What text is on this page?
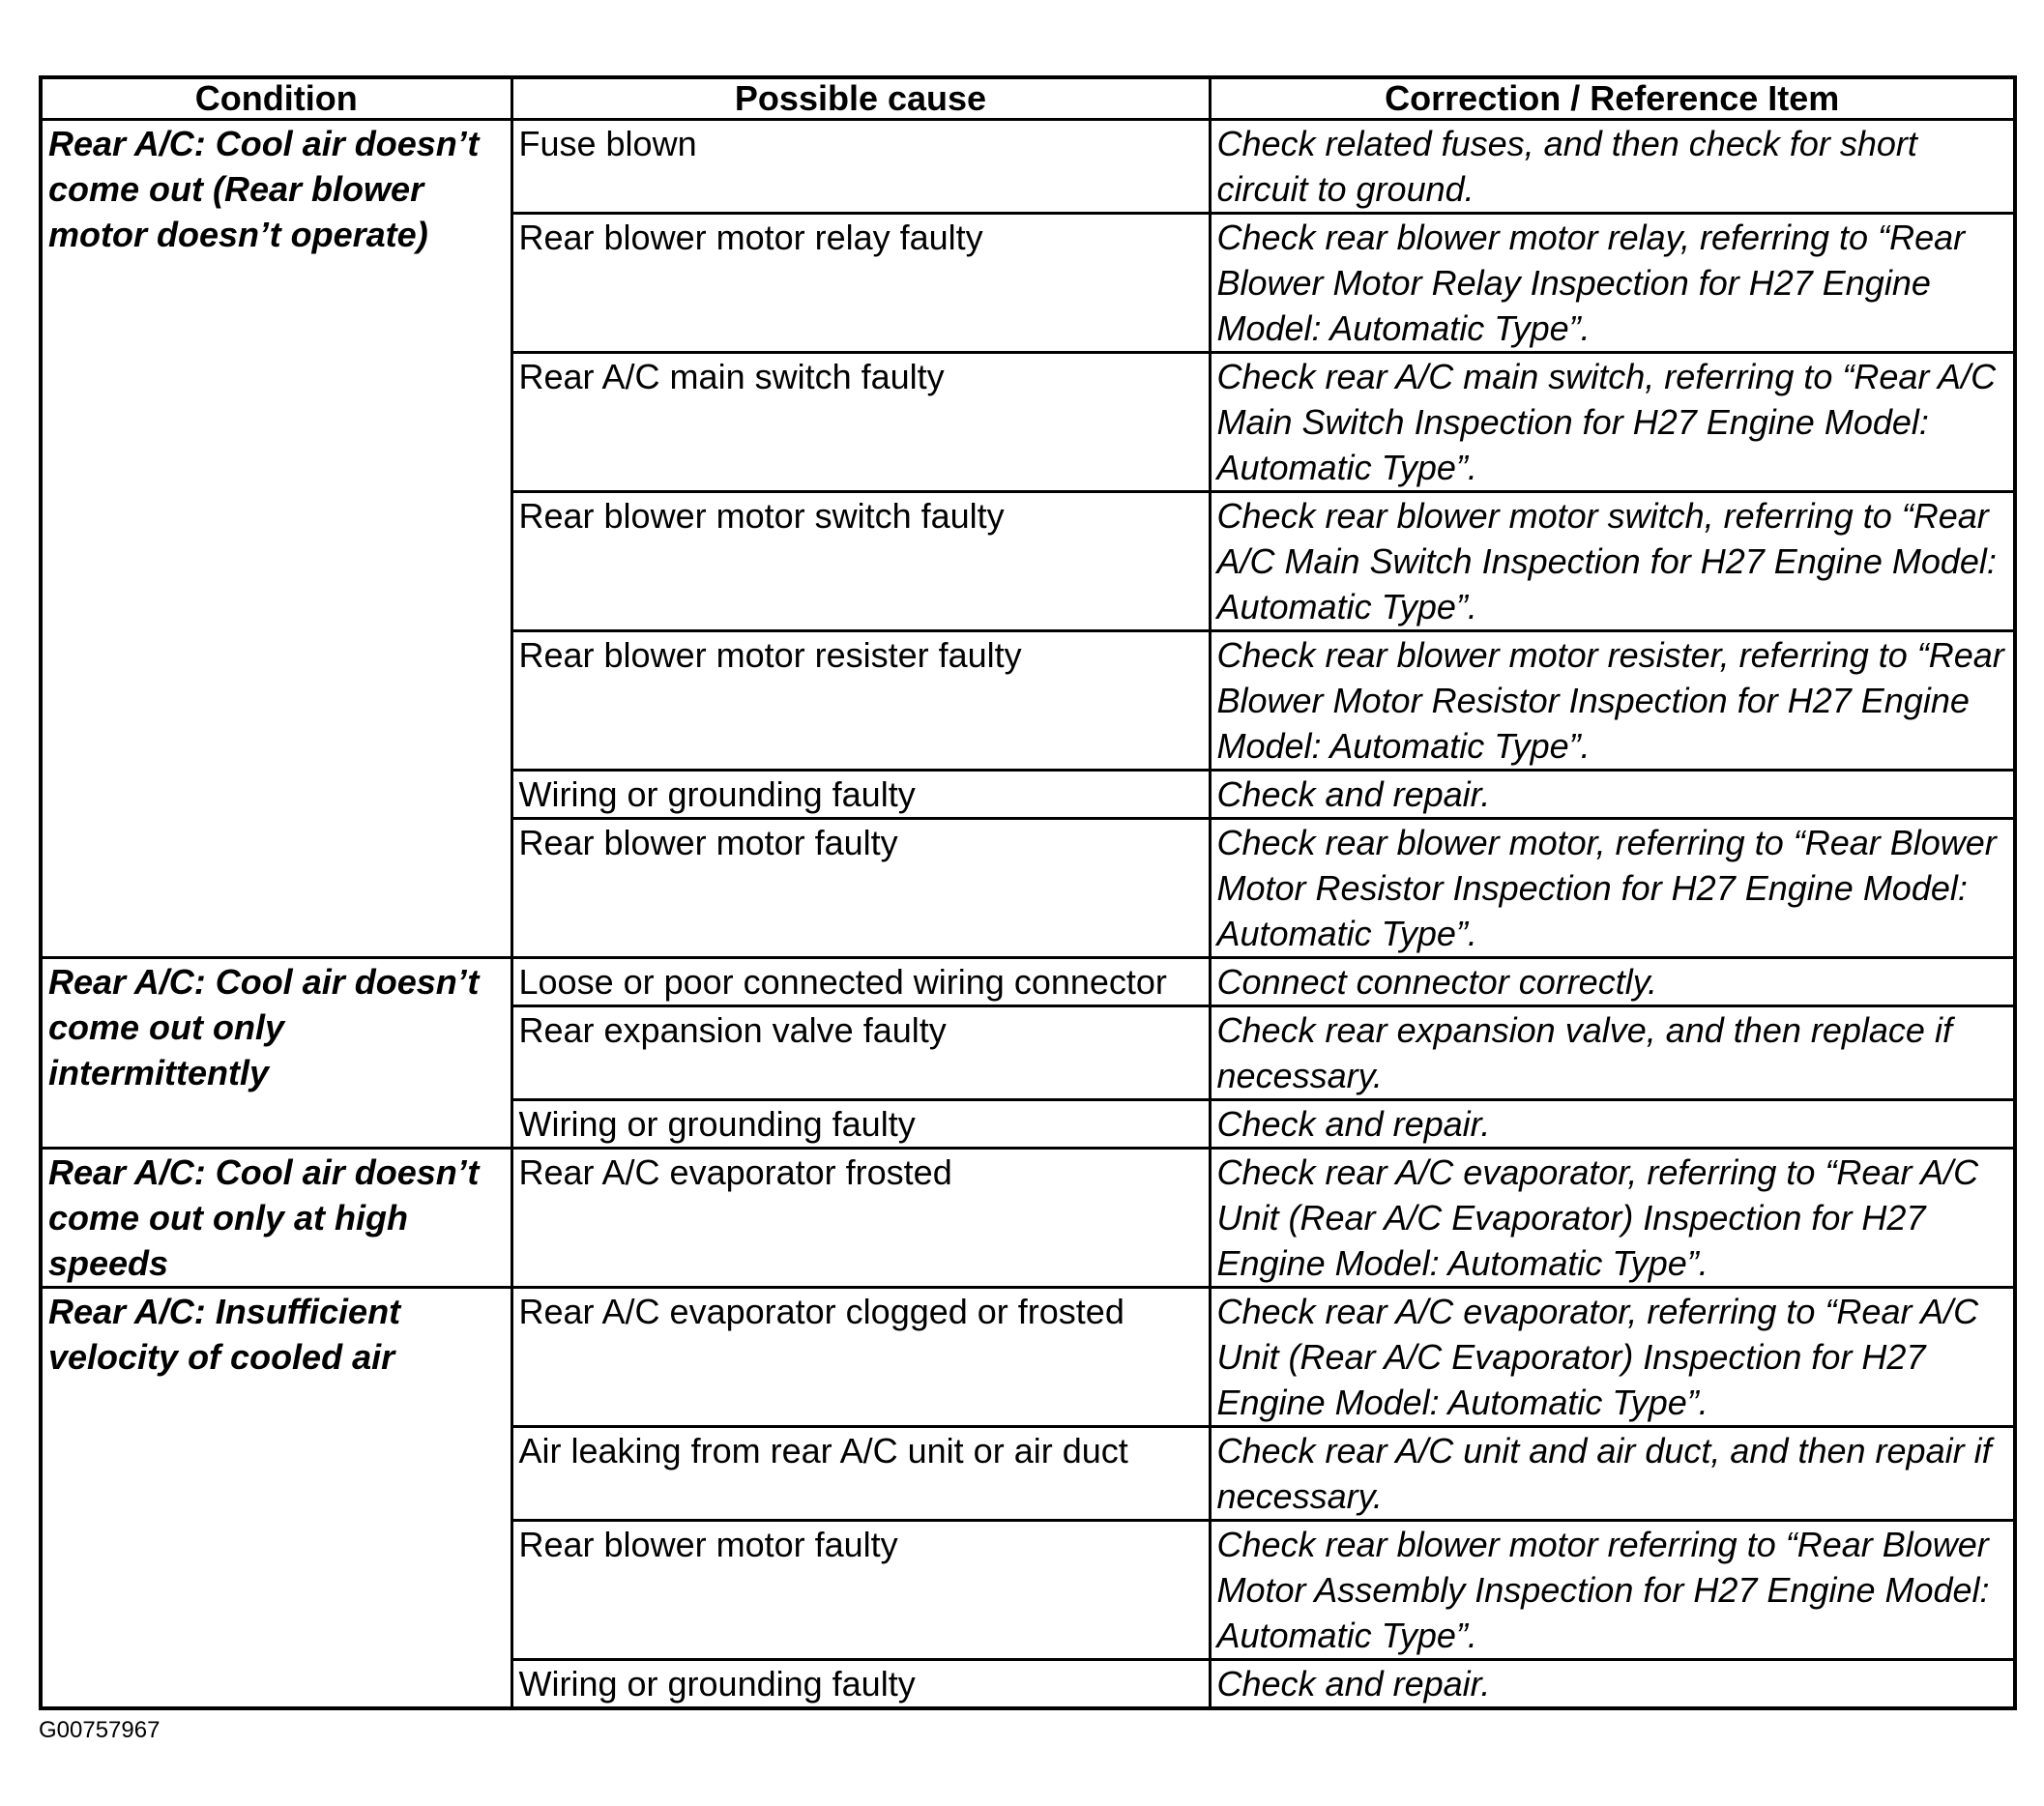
Condition	Possible cause	Correction / Reference Item
Rear A/C: Cool air doesn’t come out (Rear blower motor doesn’t operate)	Fuse blown	Check related fuses, and then check for short circuit to ground.
	Rear blower motor relay faulty	Check rear blower motor relay, referring to “Rear Blower Motor Relay Inspection for H27 Engine Model: Automatic Type”.
	Rear A/C main switch faulty	Check rear A/C main switch, referring to “Rear A/C Main Switch Inspection for H27 Engine Model: Automatic Type”.
	Rear blower motor switch faulty	Check rear blower motor switch, referring to “Rear A/C Main Switch Inspection for H27 Engine Model: Automatic Type”.
	Rear blower motor resister faulty	Check rear blower motor resister, referring to “Rear Blower Motor Resistor Inspection for H27 Engine Model: Automatic Type”.
	Wiring or grounding faulty	Check and repair.
	Rear blower motor faulty	Check rear blower motor, referring to “Rear Blower Motor Resistor Inspection for H27 Engine Model: Automatic Type”.
Rear A/C: Cool air doesn’t come out only intermittently	Loose or poor connected wiring connector	Connect connector correctly.
	Rear expansion valve faulty	Check rear expansion valve, and then replace if necessary.
	Wiring or grounding faulty	Check and repair.
Rear A/C: Cool air doesn’t come out only at high speeds	Rear A/C evaporator frosted	Check rear A/C evaporator, referring to “Rear A/C Unit (Rear A/C Evaporator) Inspection for H27 Engine Model: Automatic Type”.
Rear A/C: Insufficient velocity of cooled air	Rear A/C evaporator clogged or frosted	Check rear A/C evaporator, referring to “Rear A/C Unit (Rear A/C Evaporator) Inspection for H27 Engine Model: Automatic Type”.
	Air leaking from rear A/C unit or air duct	Check rear A/C unit and air duct, and then repair if necessary.
	Rear blower motor faulty	Check rear blower motor referring to “Rear Blower Motor Assembly Inspection for H27 Engine Model: Automatic Type”.
	Wiring or grounding faulty	Check and repair.
G00757967
